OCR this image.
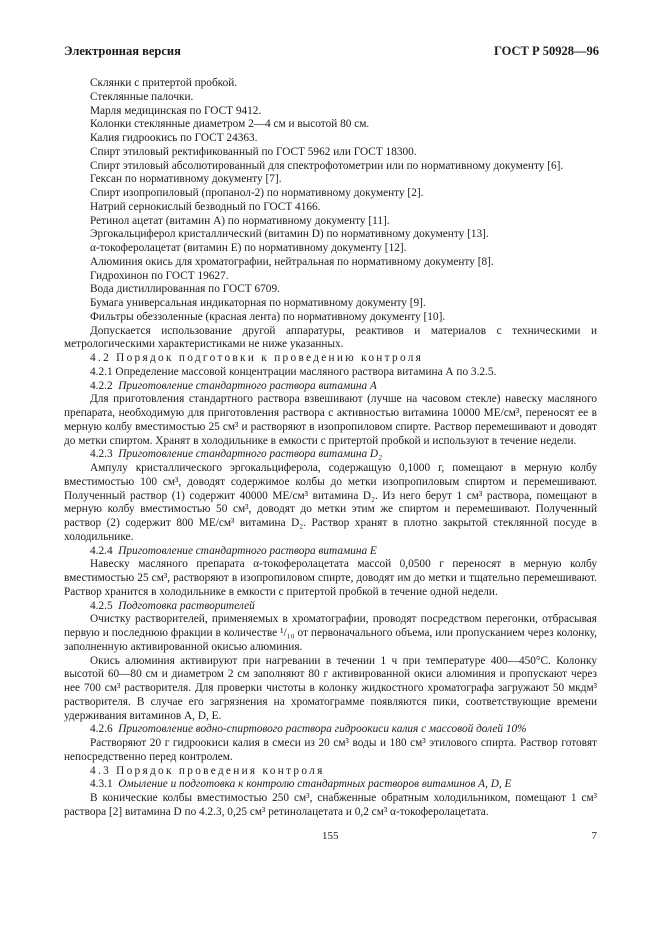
Электронная версия	ГОСТ Р 50928—96

Склянки с притертой пробкой.

Стеклянные палочки.

Марля медицинская по ГОСТ 9412.

Колонки стеклянные диаметром 2—4 см и высотой 80 см.

Калия гидроокись по ГОСТ 24363.

Спирт этиловый ректификованный по ГОСТ 5962 или ГОСТ 18300.

Спирт этиловый абсолютированный для спектрофотометрии или по нормативному документу [6].

Гексан по нормативному документу [7].

Спирт изопропиловый (пропанол-2) по нормативному документу [2].

Натрий сернокислый безводный по ГОСТ 4166.

Ретинол ацетат (витамин А) по нормативному документу [11].

Эргокальциферол кристаллический (витамин D) по нормативному документу [13].

α-токоферолацетат (витамин Е) по нормативному документу [12].

Алюминия окись для хроматографии, нейтральная по нормативному документу [8].

Гидрохинон по ГОСТ 19627.

Вода дистиллированная по ГОСТ 6709.

Бумага универсальная индикаторная по нормативному документу [9].

Фильтры обеззоленные (красная лента) по нормативному документу [10].

Допускается использование другой аппаратуры, реактивов и материалов с техническими и метрологическими характеристиками не ниже указанных.

4.2 Порядок подготовки к проведению контроля

4.2.1 Определение массовой концентрации масляного раствора витамина А по 3.2.5.

4.2.2 Приготовление стандартного раствора витамина А

Для приготовления стандартного раствора взвешивают (лучше на часовом стекле) навеску масляного препарата, необходимую для приготовления раствора с активностью витамина 10000 МЕ/см³, переносят ее в мерную колбу вместимостью 25 см³ и растворяют в изопропиловом спирте. Раствор перемешивают и доводят до метки спиртом. Хранят в холодильнике в емкости с притертой пробкой и используют в течение недели.

4.2.3 Приготовление стандартного раствора витамина D₂

Ампулу кристаллического эргокальциферола, содержащую 0,1000 г, помещают в мерную колбу вместимостью 100 см³, доводят содержимое колбы до метки изопропиловым спиртом и перемешивают. Полученный раствор (1) содержит 40000 МЕ/см³ витамина D₂. Из него берут 1 см³ раствора, помещают в мерную колбу вместимостью 50 см³, доводят до метки этим же спиртом и перемешивают. Полученный раствор (2) содержит 800 МЕ/см³ витамина D₂. Раствор хранят в плотно закрытой стеклянной посуде в холодильнике.

4.2.4 Приготовление стандартного раствора витамина Е

Навеску масляного препарата α-токоферолацетата массой 0,0500 г переносят в мерную колбу вместимостью 25 см³, растворяют в изопропиловом спирте, доводят им до метки и тщательно перемешивают. Раствор хранится в холодильнике в емкости с притертой пробкой в течение одной недели.

4.2.5 Подготовка растворителей

Очистку растворителей, применяемых в хроматографии, проводят посредством перегонки, отбрасывая первую и последнюю фракции в количестве ¹/₁₀ от первоначального объема, или пропусканием через колонку, заполненную активированной окисью алюминия.

Окись алюминия активируют при нагревании в течении 1 ч при температуре 400—450°С. Колонку высотой 60—80 см и диаметром 2 см заполняют 80 г активированной окиси алюминия и пропускают через нее 700 см³ растворителя. Для проверки чистоты в колонку жидкостного хроматографа загружают 50 мкдм³ растворителя. В случае его загрязнения на хроматограмме появляются пики, соответствующие времени удерживания витаминов А, D, Е.

4.2.6 Приготовление водно-спиртового раствора гидроокиси калия с массовой долей 10%

Растворяют 20 г гидроокиси калия в смеси из 20 см³ воды и 180 см³ этилового спирта. Раствор готовят непосредственно перед контролем.

4.3 Порядок проведения контроля

4.3.1 Омыление и подготовка к контролю стандартных растворов витаминов А, D, Е

В конические колбы вместимостью 250 см³, снабженные обратным холодильником, помещают 1 см³ раствора [2] витамина D по 4.2.3, 0,25 см³ ретинолацетата и 0,2 см³ α-токоферолацетата.

155	7
